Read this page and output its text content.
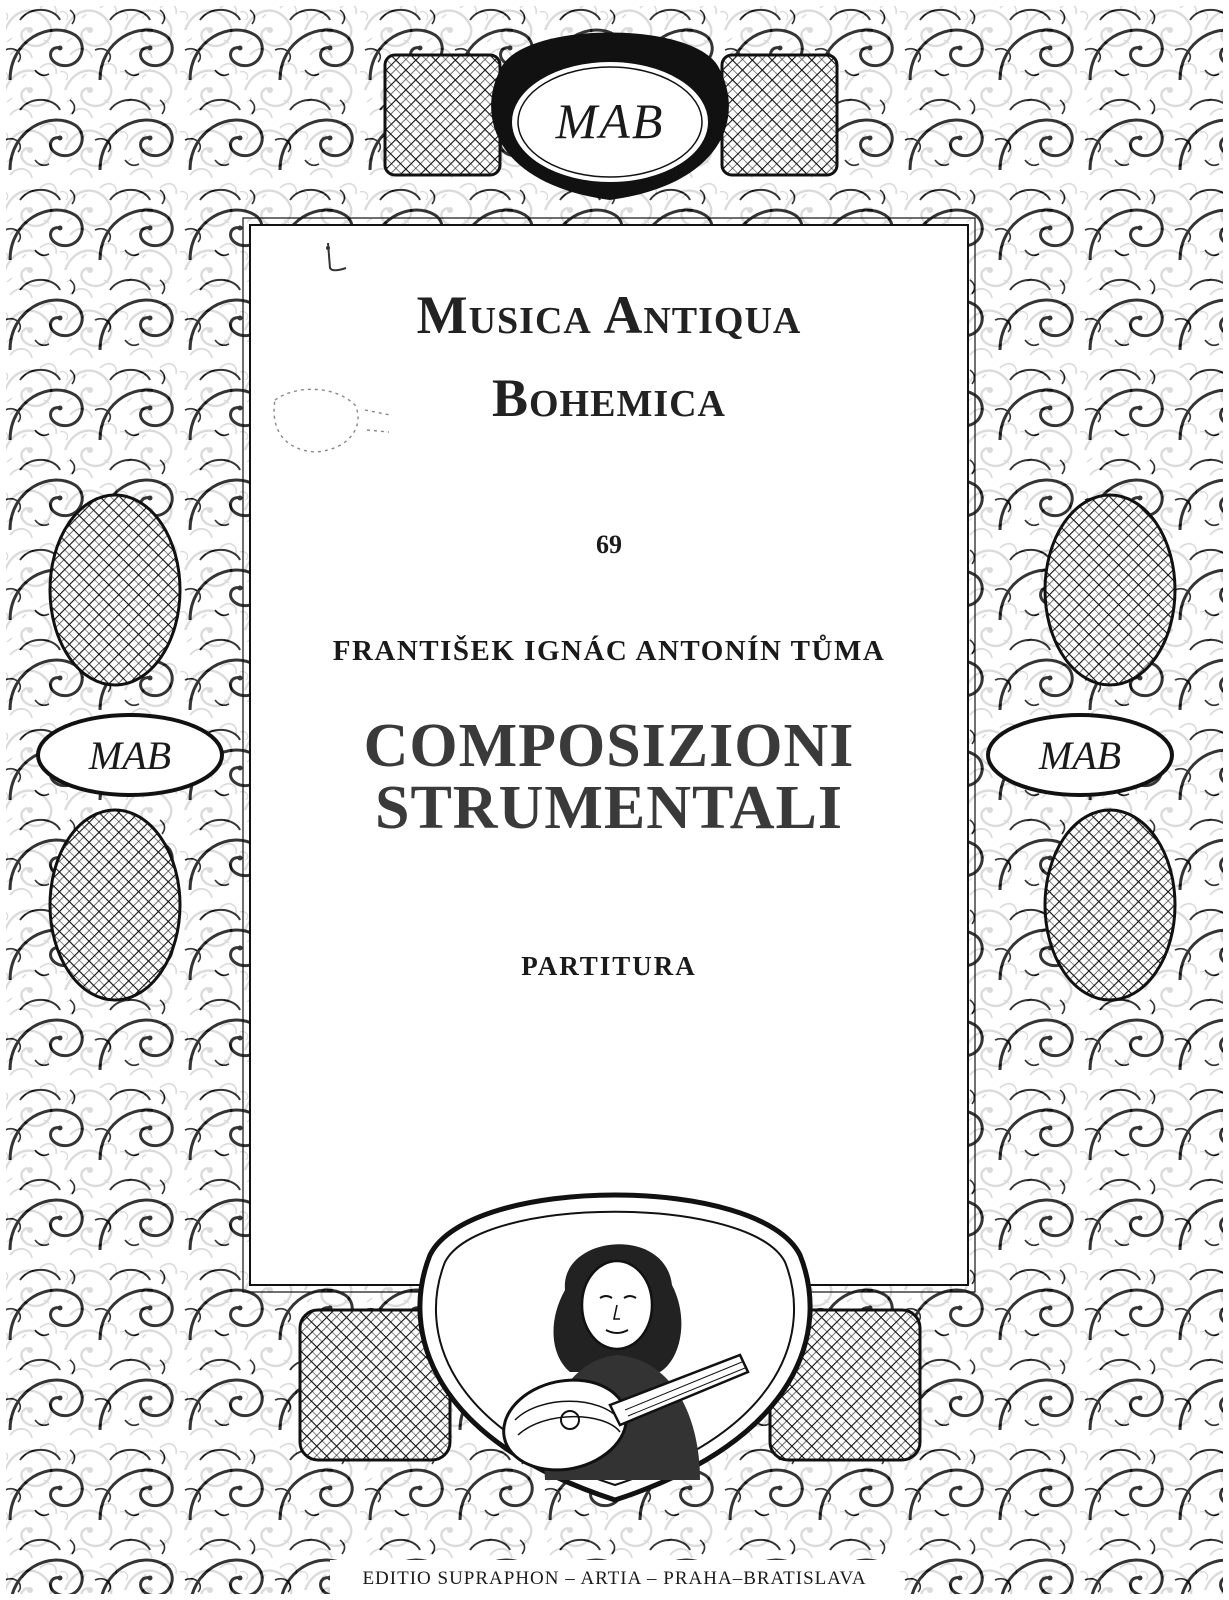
MAB
MAB	MAB
Musica Antiqua
Bohemica
69
FRANTIŠEK IGNÁC ANTONÍN TŮMA
COMPOSIZIONI
STRUMENTALI
PARTITURA
EDITIO SUPRAPHON – ARTIA – PRAHA–BRATISLAVA
